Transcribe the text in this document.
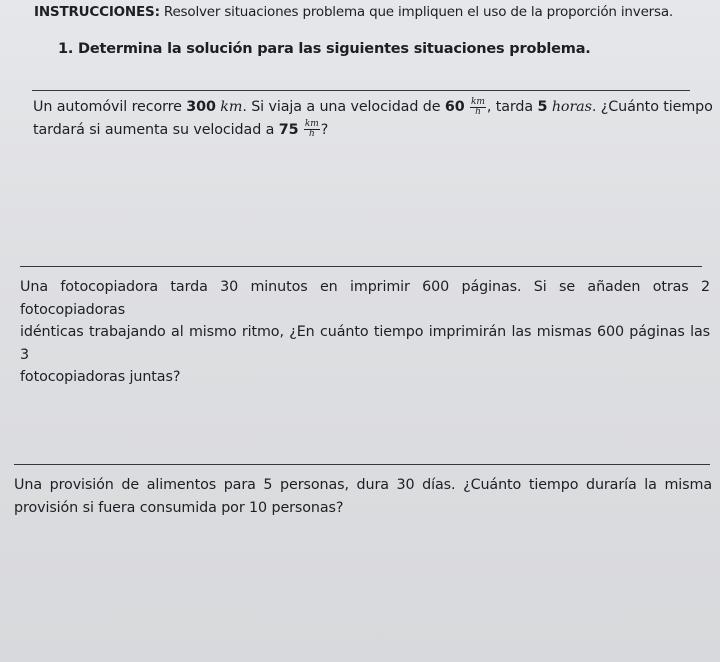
INSTRUCCIONES: Resolver situaciones problema que impliquen el uso de la proporción inversa.
1. Determina la solución para las siguientes situaciones problema.
Un automóvil recorre 300 km. Si viaja a una velocidad de $60 \frac{km}{h}$ , tarda 5 horas. ¿Cuánto tiempo
tardará si aumenta su velocidad a $75 \frac{km}{h}$ ?
Una fotocopiadora tarda 30 minutos en imprimir 600 páginas. Si se añaden otras 2 fotocopiadoras
idénticas trabajando al mismo ritmo, ¿En cuánto tiempo imprimirán las mismas 600 páginas las 3
fotocopiadoras juntas?
Una provisión de alimentos para 5 personas, dura 30 días. ¿Cuánto tiempo duraría la misma
provisión si fuera consumida por 10 personas?
